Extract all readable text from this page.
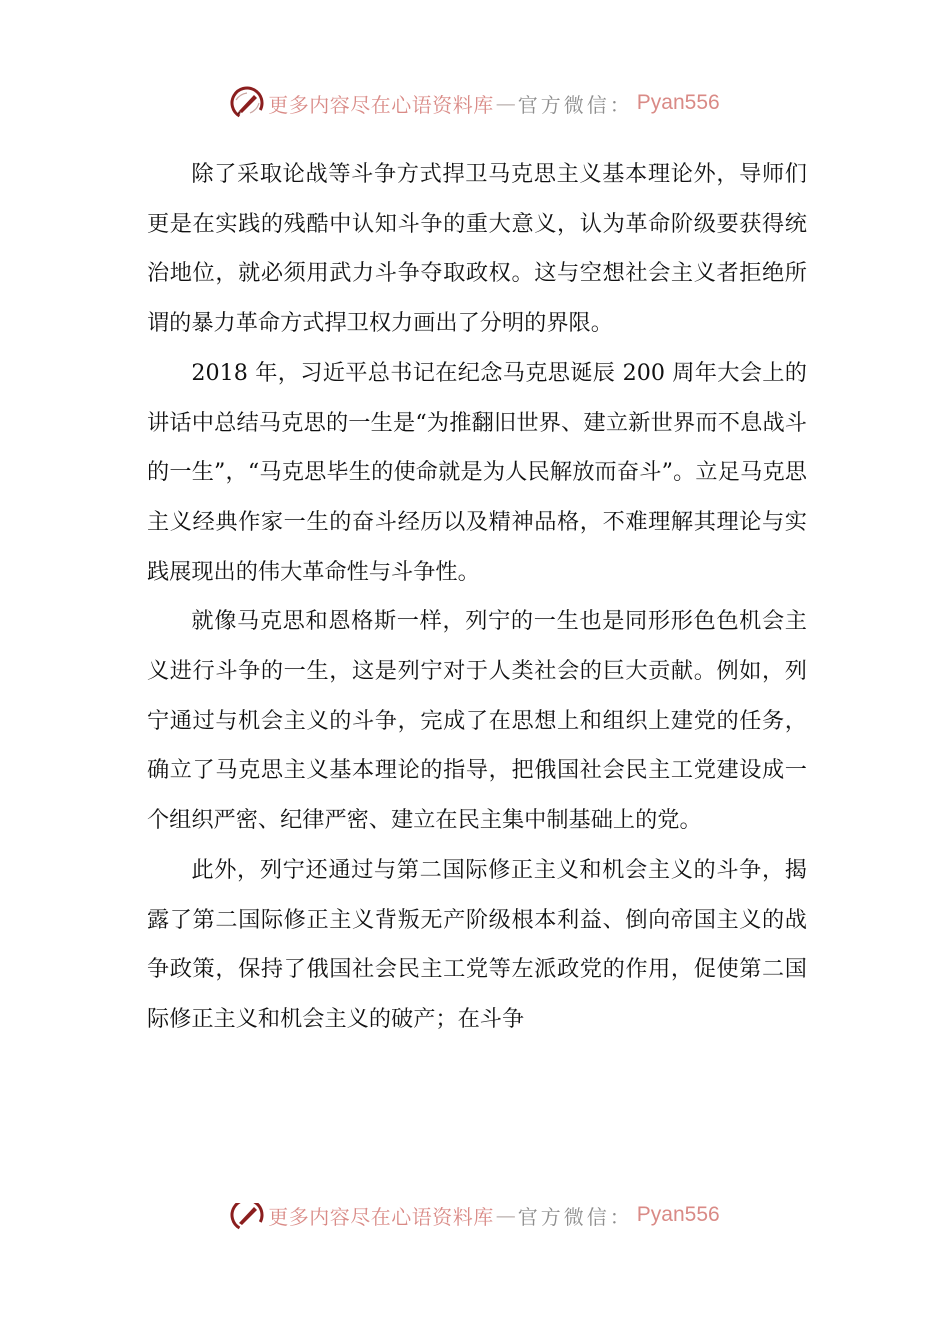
更多内容尽在心语资料库 — 官方微信： Pyan556

除了采取论战等斗争方式捍卫马克思主义基本理论外，导师们更是在实践的残酷中认知斗争的重大意义，认为革命阶级要获得统治地位，就必须用武力斗争夺取政权。这与空想社会主义者拒绝所谓的暴力革命方式捍卫权力画出了分明的界限。

2018 年，习近平总书记在纪念马克思诞辰 200 周年大会上的讲话中总结马克思的一生是“为推翻旧世界、建立新世界而不息战斗的一生”，“马克思毕生的使命就是为人民解放而奋斗”。立足马克思主义经典作家一生的奋斗经历以及精神品格，不难理解其理论与实践展现出的伟大革命性与斗争性。

就像马克思和恩格斯一样，列宁的一生也是同形形色色机会主义进行斗争的一生，这是列宁对于人类社会的巨大贡献。例如，列宁通过与机会主义的斗争，完成了在思想上和组织上建党的任务，确立了马克思主义基本理论的指导，把俄国社会民主工党建设成一个组织严密、纪律严密、建立在民主集中制基础上的党。

此外，列宁还通过与第二国际修正主义和机会主义的斗争，揭露了第二国际修正主义背叛无产阶级根本利益、倒向帝国主义的战争政策，保持了俄国社会民主工党等左派政党的作用，促使第二国际修正主义和机会主义的破产；在斗争

更多内容尽在心语资料库 — 官方微信： Pyan556
